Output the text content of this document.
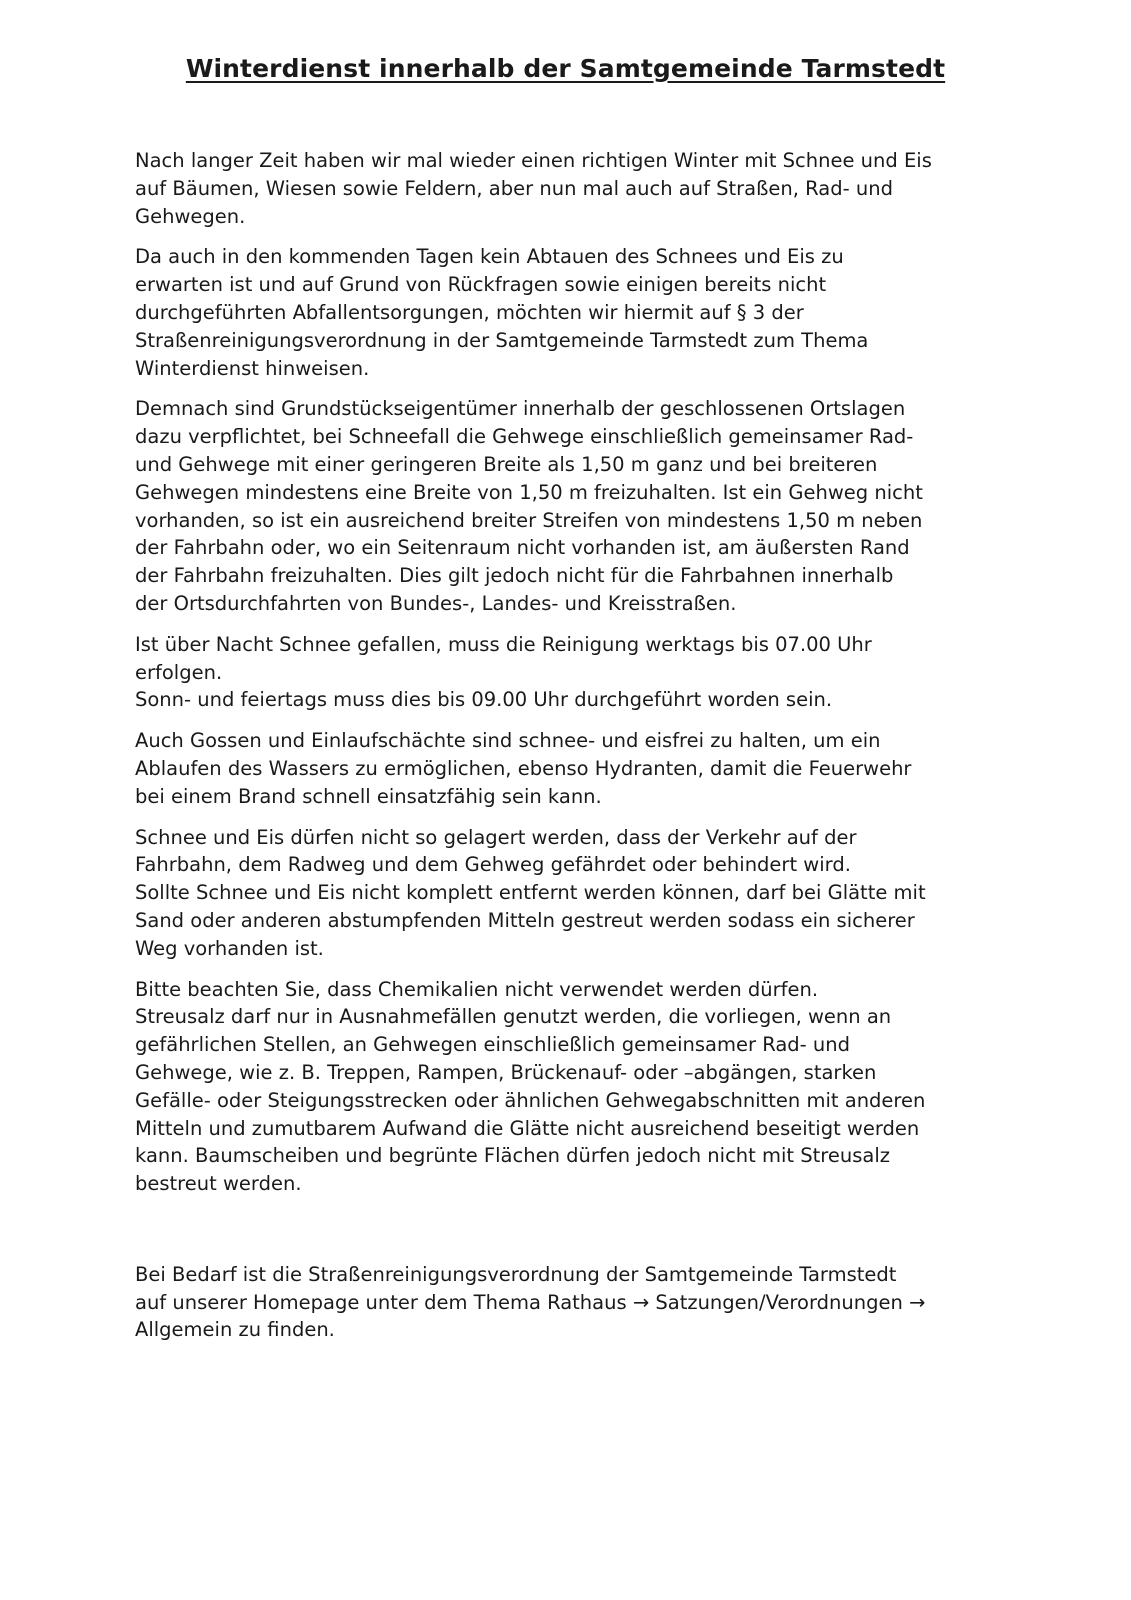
Winterdienst innerhalb der Samtgemeinde Tarmstedt

Nach langer Zeit haben wir mal wieder einen richtigen Winter mit Schnee und Eis
auf Bäumen, Wiesen sowie Feldern, aber nun mal auch auf Straßen, Rad- und
Gehwegen.

Da auch in den kommenden Tagen kein Abtauen des Schnees und Eis zu
erwarten ist und auf Grund von Rückfragen sowie einigen bereits nicht
durchgeführten Abfallentsorgungen, möchten wir hiermit auf § 3 der
Straßenreinigungsverordnung in der Samtgemeinde Tarmstedt zum Thema
Winterdienst hinweisen.

Demnach sind Grundstückseigentümer innerhalb der geschlossenen Ortslagen
dazu verpflichtet, bei Schneefall die Gehwege einschließlich gemeinsamer Rad-
und Gehwege mit einer geringeren Breite als 1,50 m ganz und bei breiteren
Gehwegen mindestens eine Breite von 1,50 m freizuhalten. Ist ein Gehweg nicht
vorhanden, so ist ein ausreichend breiter Streifen von mindestens 1,50 m neben
der Fahrbahn oder, wo ein Seitenraum nicht vorhanden ist, am äußersten Rand
der Fahrbahn freizuhalten. Dies gilt jedoch nicht für die Fahrbahnen innerhalb
der Ortsdurchfahrten von Bundes-, Landes- und Kreisstraßen.

Ist über Nacht Schnee gefallen, muss die Reinigung werktags bis 07.00 Uhr
erfolgen.
Sonn- und feiertags muss dies bis 09.00 Uhr durchgeführt worden sein.

Auch Gossen und Einlaufschächte sind schnee- und eisfrei zu halten, um ein
Ablaufen des Wassers zu ermöglichen, ebenso Hydranten, damit die Feuerwehr
bei einem Brand schnell einsatzfähig sein kann.

Schnee und Eis dürfen nicht so gelagert werden, dass der Verkehr auf der
Fahrbahn, dem Radweg und dem Gehweg gefährdet oder behindert wird.
Sollte Schnee und Eis nicht komplett entfernt werden können, darf bei Glätte mit
Sand oder anderen abstumpfenden Mitteln gestreut werden sodass ein sicherer
Weg vorhanden ist.

Bitte beachten Sie, dass Chemikalien nicht verwendet werden dürfen.
Streusalz darf nur in Ausnahmefällen genutzt werden, die vorliegen, wenn an
gefährlichen Stellen, an Gehwegen einschließlich gemeinsamer Rad- und
Gehwege, wie z. B. Treppen, Rampen, Brückenauf- oder –abgängen, starken
Gefälle- oder Steigungsstrecken oder ähnlichen Gehwegabschnitten mit anderen
Mitteln und zumutbarem Aufwand die Glätte nicht ausreichend beseitigt werden
kann. Baumscheiben und begrünte Flächen dürfen jedoch nicht mit Streusalz
bestreut werden.

Bei Bedarf ist die Straßenreinigungsverordnung der Samtgemeinde Tarmstedt
auf unserer Homepage unter dem Thema Rathaus → Satzungen/Verordnungen →
Allgemein zu finden.
